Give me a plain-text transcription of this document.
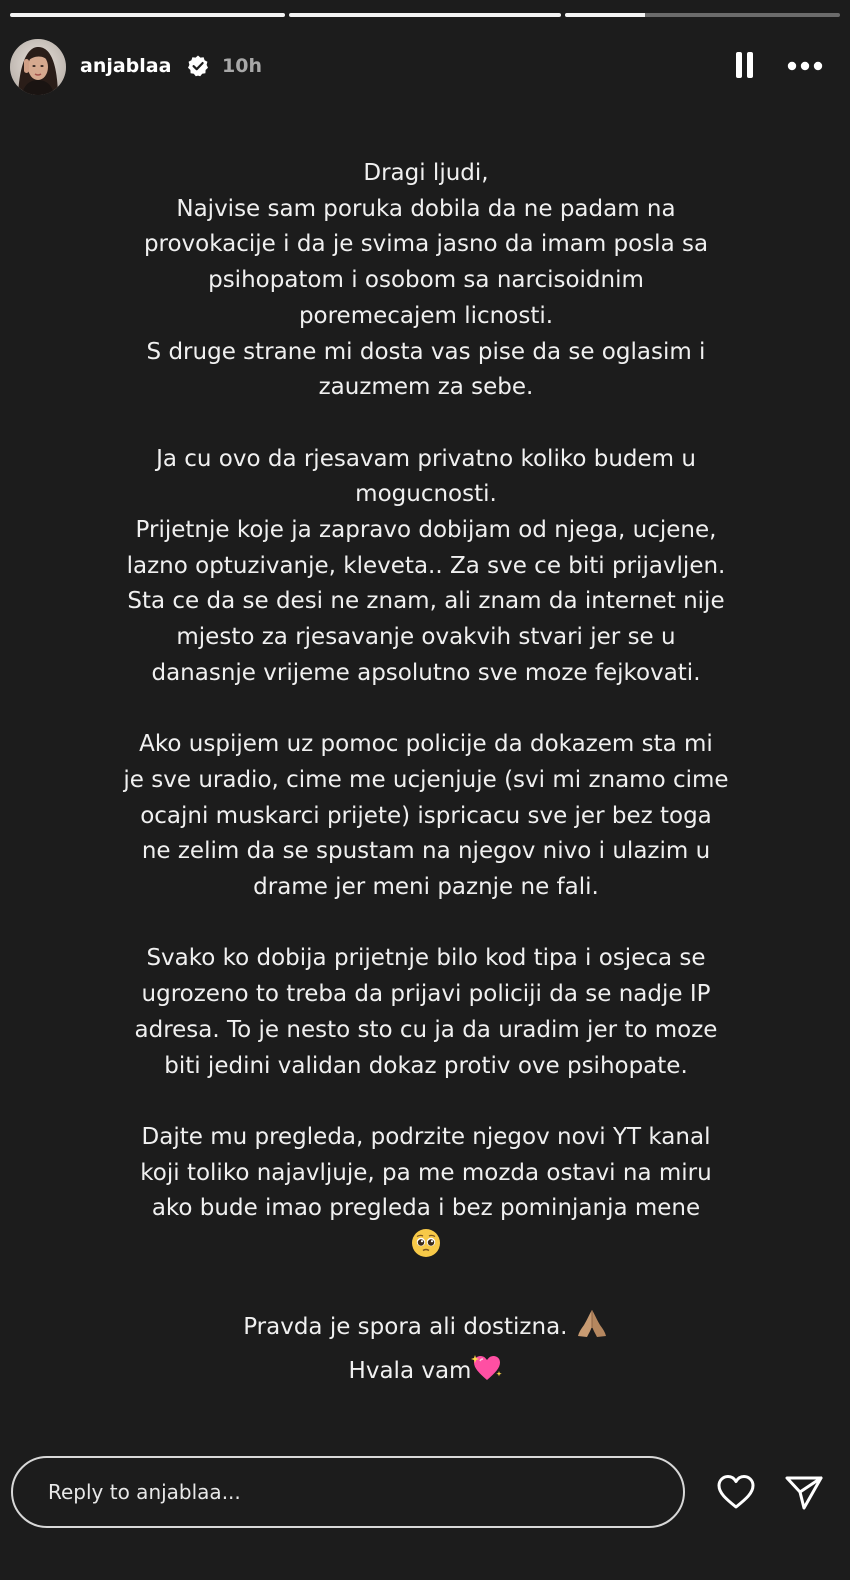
anjablaa	10h
Dragi ljudi,
Najvise sam poruka dobila da ne padam na
provokacije i da je svima jasno da imam posla sa
psihopatom i osobom sa narcisoidnim
poremecajem licnosti.
S druge strane mi dosta vas pise da se oglasim i
zauzmem za sebe.
Ja cu ovo da rjesavam privatno koliko budem u
mogucnosti.
Prijetnje koje ja zapravo dobijam od njega, ucjene,
lazno optuzivanje, kleveta.. Za sve ce biti prijavljen.
Sta ce da se desi ne znam, ali znam da internet nije
mjesto za rjesavanje ovakvih stvari jer se u
danasnje vrijeme apsolutno sve moze fejkovati.
Ako uspijem uz pomoc policije da dokazem sta mi
je sve uradio, cime me ucjenjuje (svi mi znamo cime
ocajni muskarci prijete) ispricacu sve jer bez toga
ne zelim da se spustam na njegov nivo i ulazim u
drame jer meni paznje ne fali.
Svako ko dobija prijetnje bilo kod tipa i osjeca se
ugrozeno to treba da prijavi policiji da se nadje IP
adresa. To je nesto sto cu ja da uradim jer to moze
biti jedini validan dokaz protiv ove psihopate.
Dajte mu pregleda, podrzite njegov novi YT kanal
koji toliko najavljuje, pa me mozda ostavi na miru
ako bude imao pregleda i bez pominjanja mene

Pravda je spora ali dostizna.

Hvala vam

Reply to anjablaa...
